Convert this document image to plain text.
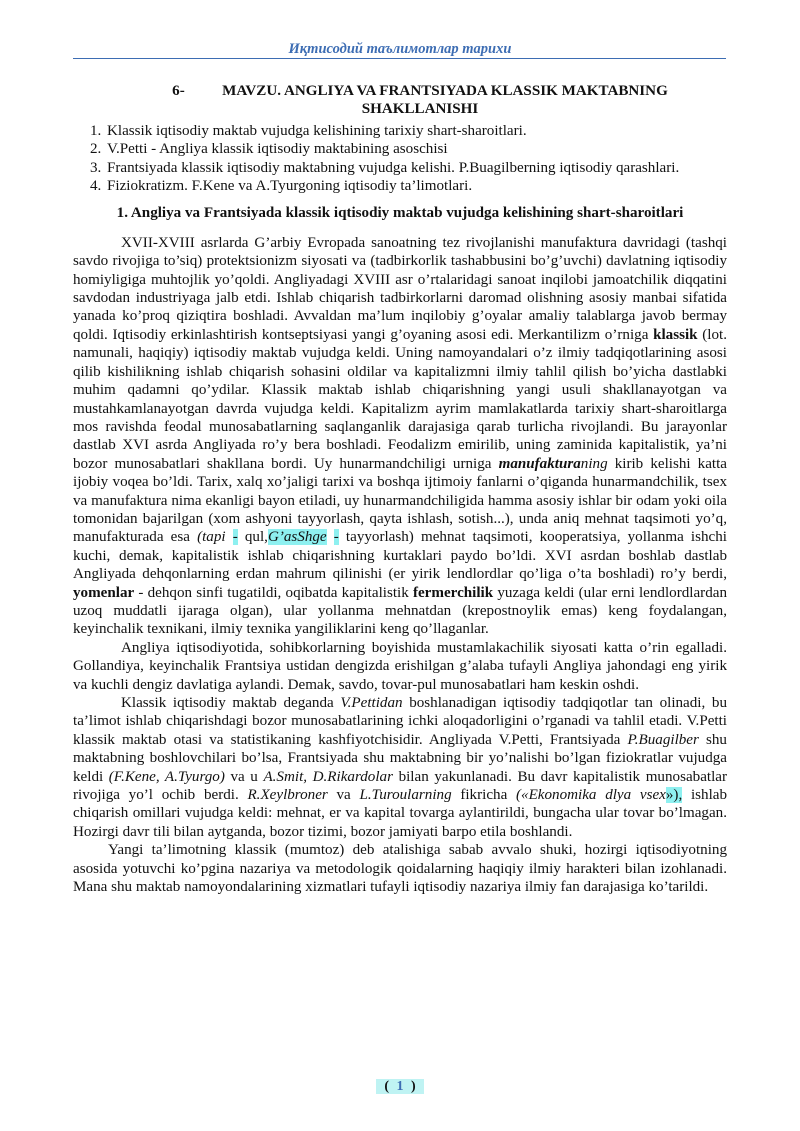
Иқтисодий таълимотлар тарихи

6- MAVZU. ANGLIYA VA FRANTSIYADA KLASSIK MAKTABNING SHAKLLANISHI

1. Klassik iqtisodiy maktab vujudga kelishining tarixiy shart-sharoitlari.
2. V.Petti - Angliya klassik iqtisodiy maktabining asoschisi
3. Frantsiyada klassik iqtisodiy maktabning vujudga kelishi. P.Buagilberning iqtisodiy qarashlari.
4. Fiziokratizm. F.Kene va A.Tyurgoning iqtisodiy ta’limotlari.

1. Angliya va Frantsiyada klassik iqtisodiy maktab vujudga kelishining shart-sharoitlari

XVII-XVIII asrlarda G’arbiy Evropada sanoatning tez rivojlanishi manufaktura davridagi (tashqi savdo rivojiga to’siq) protektsionizm siyosati va (tadbirkorlik tashabbusini bo’g’uvchi) davlatning iqtisodiy homiyligiga muhtojlik yo’qoldi. Angliyadagi XVIII asr o’rtalaridagi sanoat inqilobi jamoatchilik diqqatini savdodan industriyaga jalb etdi. Ishlab chiqarish tadbirkorlarni daromad olishning asosiy manbai sifatida yanada ko’proq qiziqtira boshladi. Avvaldan ma’lum inqilobiy g’oyalar amaliy talablarga javob bermay qoldi. Iqtisodiy erkinlashtirish kontseptsiyasi yangi g’oyaning asosi edi. Merkantilizm o’rniga klassik (lot. namunali, haqiqiy) iqtisodiy maktab vujudga keldi. Uning namoyandalari o’z ilmiy tadqiqotlarining asosi qilib kishilikning ishlab chiqarish sohasini oldilar va kapitalizmni ilmiy tahlil qilish bo’yicha dastlabki muhim qadamni qo’ydilar. Klassik maktab ishlab chiqarishning yangi usuli shakllanayotgan va mustahkamlanayotgan davrda vujudga keldi. Kapitalizm ayrim mamlakatlarda tarixiy shart-sharoitlarga mos ravishda feodal munosabatlarning saqlanganlik darajasiga qarab turlicha rivojlandi. Bu jarayonlar dastlab XVI asrda Angliyada ro’y bera boshladi. Feodalizm emirilib, uning zaminida kapitalistik, ya’ni bozor munosabatlari shakllana bordi. Uy hunarmandchiligi urniga manufakturaning kirib kelishi katta ijobiy voqea bo’ldi. Tarix, xalq xo’jaligi tarixi va boshqa ijtimoiy fanlarni o’qiganda hunarmandchilik, tsex va manufaktura nima ekanligi bayon etiladi, uy hunarmandchiligida hamma asosiy ishlar bir odam yoki oila tomonidan bajarilgan (xom ashyoni tayyorlash, qayta ishlash, sotish...), unda aniq mehnat taqsimoti yo’q, manufakturada esa (tapi - qul,G’asShge - tayyorlash) mehnat taqsimoti, kooperatsiya, yollanma ishchi kuchi, demak, kapitalistik ishlab chiqarishning kurtaklari paydo bo’ldi. XVI asrdan boshlab dastlab Angliyada dehqonlarning erdan mahrum qilinishi (er yirik lendlordlar qo’liga o’ta boshladi) ro’y berdi, yomenlar - dehqon sinfi tugatildi, oqibatda kapitalistik fermerchilik yuzaga keldi (ular erni lendlordlardan uzoq muddatli ijaraga olgan), ular yollanma mehnatdan (krepostnoylik emas) keng foydalangan, keyinchalik texnikani, ilmiy texnika yangiliklarini keng qo’llaganlar.

Angliya iqtisodiyotida, sohibkorlarning boyishida mustamlakachilik siyosati katta o’rin egalladi. Gollandiya, keyinchalik Frantsiya ustidan dengizda erishilgan g’alaba tufayli Angliya jahondagi eng yirik va kuchli dengiz davlatiga aylandi. Demak, savdo, tovar-pul munosabatlari ham keskin oshdi.

Klassik iqtisodiy maktab deganda V.Pettidan boshlanadigan iqtisodiy tadqiqotlar tan olinadi, bu ta’limot ishlab chiqarishdagi bozor munosabatlarining ichki aloqadorligini o’rganadi va tahlil etadi. V.Petti klassik maktab otasi va statistikaning kashfiyotchisidir. Angliyada V.Petti, Frantsiyada P.Buagilber shu maktabning boshlovchilari bo’lsa, Frantsiyada shu maktabning bir yo’nalishi bo’lgan fiziokratlar vujudga keldi (F.Kene, A.Tyurgo) va u A.Smit, D.Rikardolar bilan yakunlanadi. Bu davr kapitalistik munosabatlar rivojiga yo’l ochib berdi. R.Xeylbroner va L.Turoularning fikricha («Ekonomika dlya vsex»), ishlab chiqarish omillari vujudga keldi: mehnat, er va kapital tovarga aylantirildi, bungacha ular tovar bo’lmagan. Hozirgi davr tili bilan aytganda, bozor tizimi, bozor jamiyati barpo etila boshlandi.

Yangi ta’limotning klassik (mumtoz) deb atalishiga sabab avvalo shuki, hozirgi iqtisodiyotning asosida yotuvchi ko’pgina nazariya va metodologik qoidalarning haqiqiy ilmiy harakteri bilan izohlanadi. Mana shu maktab namoyondalarining xizmatlari tufayli iqtisodiy nazariya ilmiy fan darajasiga ko’tarildi.

( 1 )
